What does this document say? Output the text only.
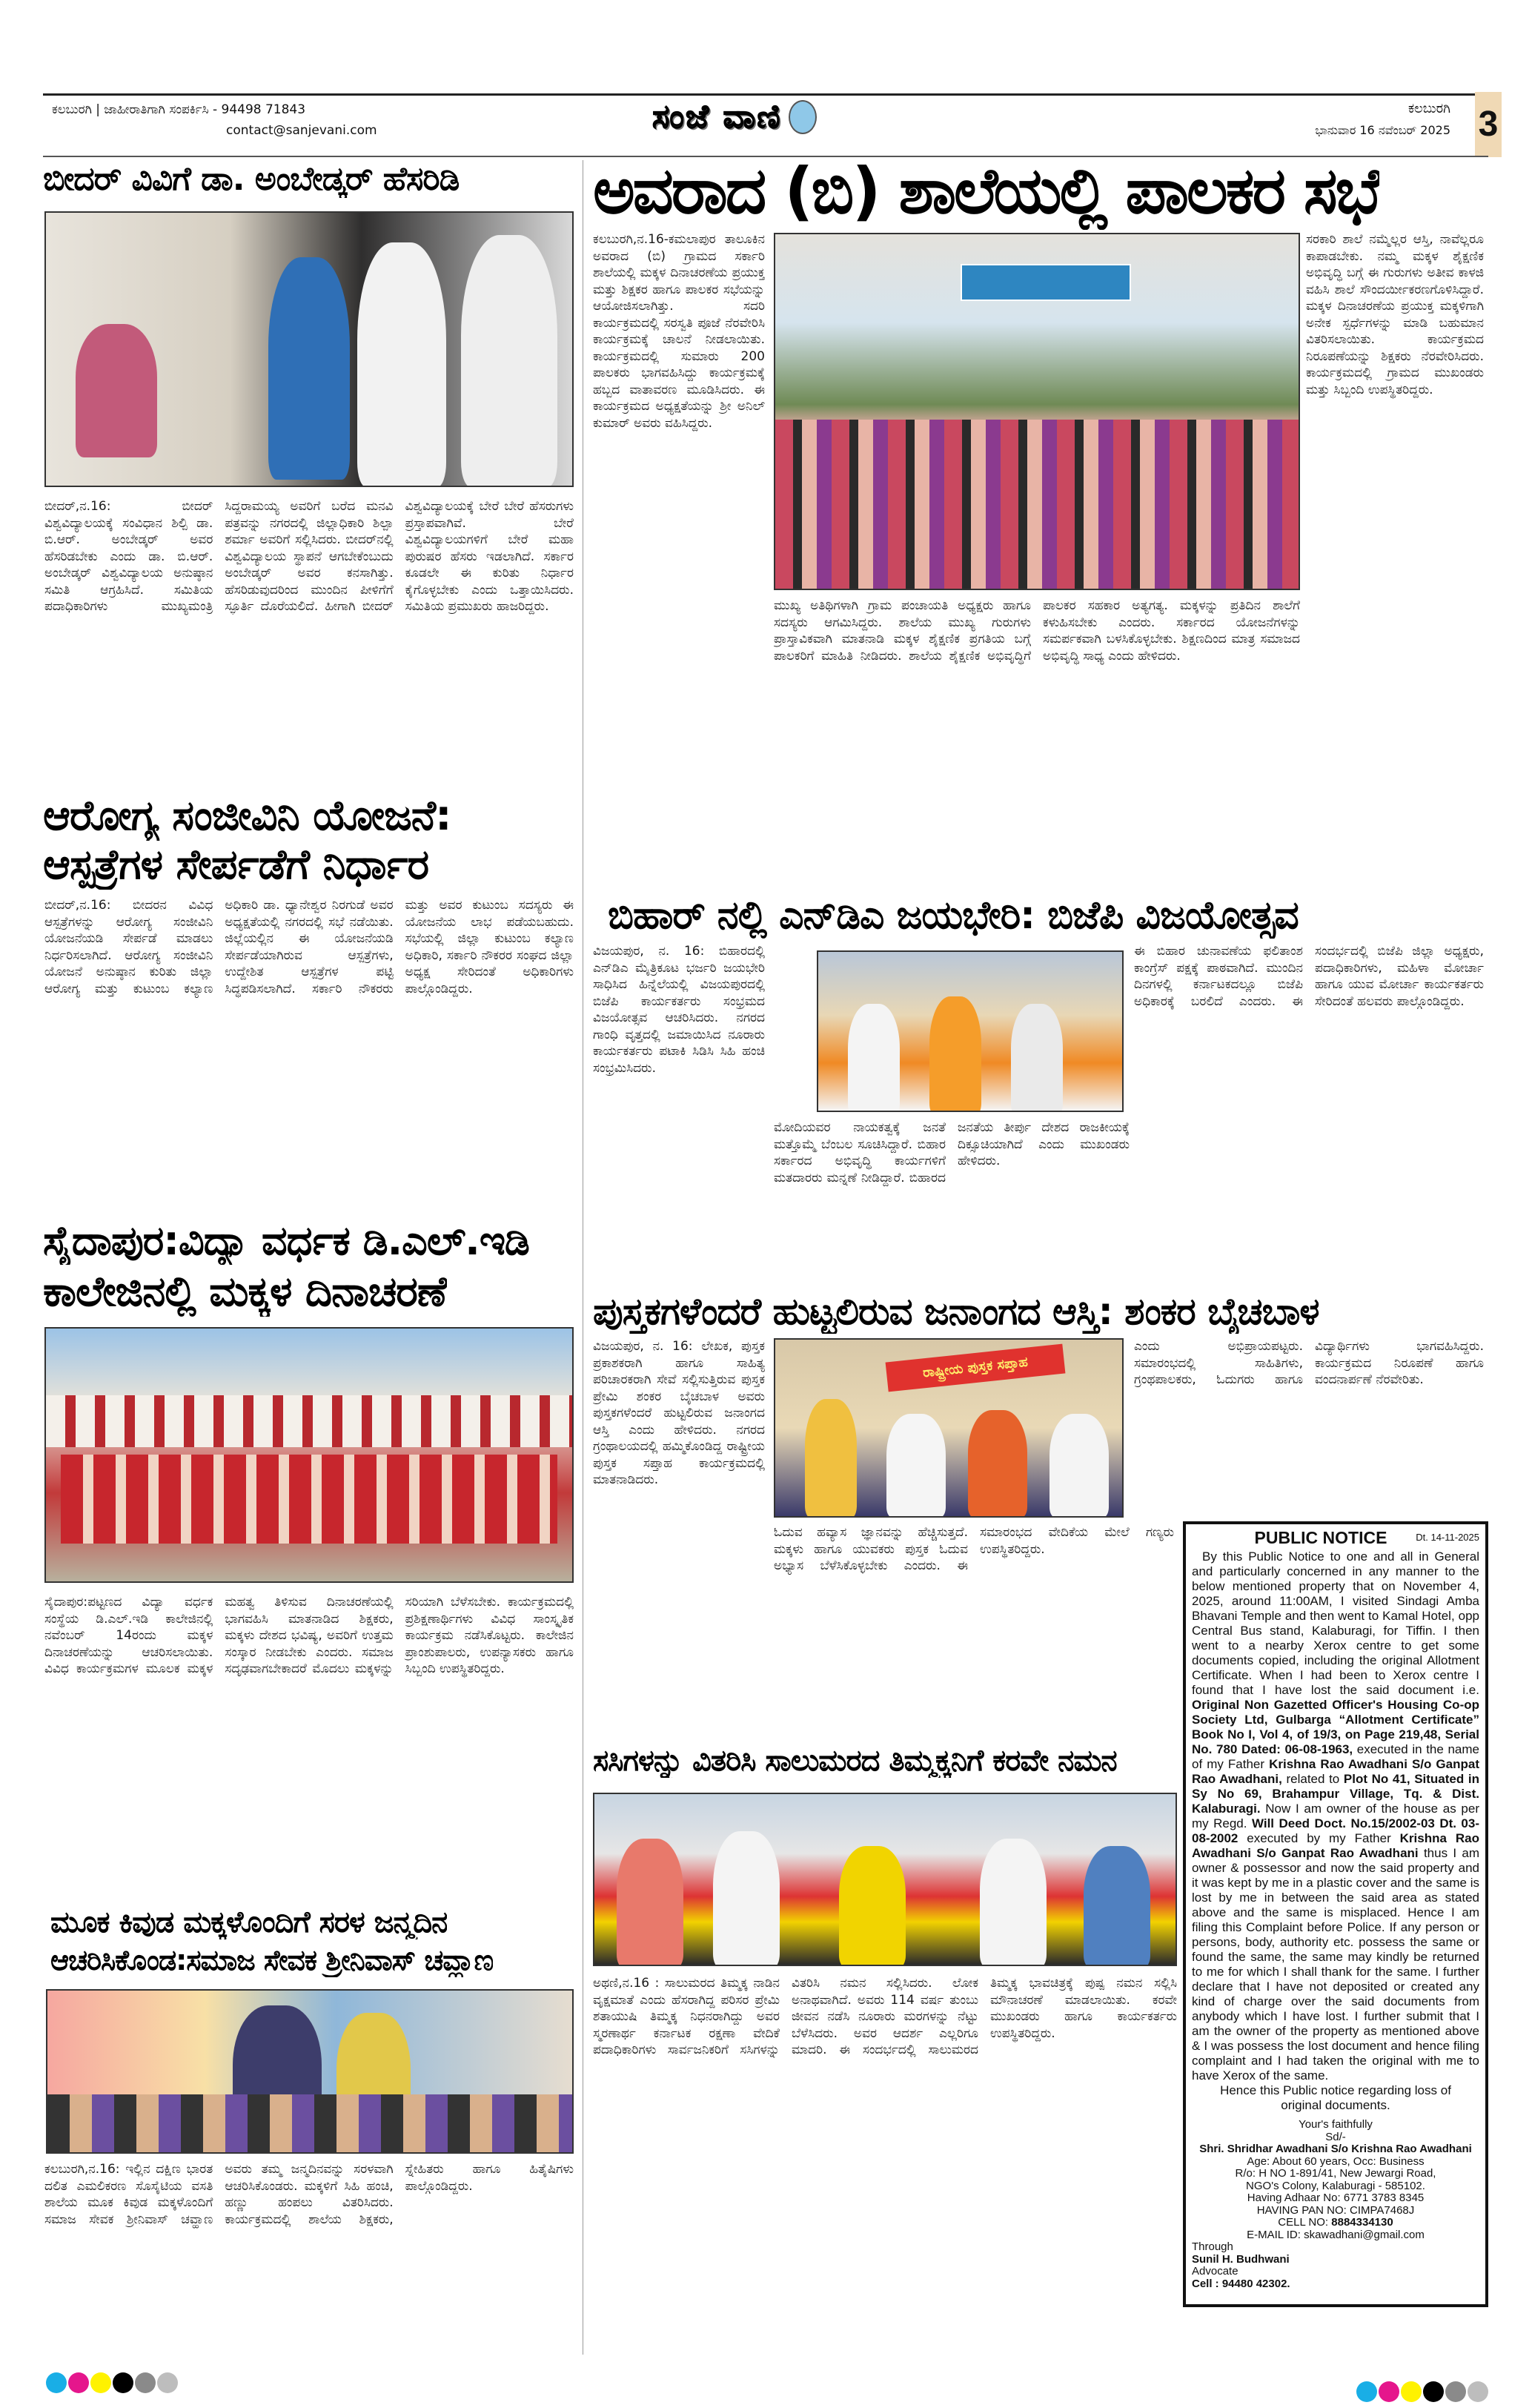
ಕಲಬುರಗಿ | ಜಾಹೀರಾತಿಗಾಗಿ ಸಂಪರ್ಕಿಸಿ - 94498 71843
contact@sanjevani.com	ಸಂಜೆ ವಾಣಿ	ಕಲಬುರಗಿ
ಭಾನುವಾರ 16 ನವೆಂಬರ್ 2025 3
ಬೀದರ್ ವಿವಿಗೆ ಡಾ. ಅಂಬೇಡ್ಕರ್ ಹೆಸರಿಡಿ
ಬೀದರ್,ನ.16: ಬೀದರ್ ವಿಶ್ವವಿದ್ಯಾಲಯಕ್ಕೆ ಸಂವಿಧಾನ ಶಿಲ್ಪಿ ಡಾ. ಬಿ.ಆರ್. ಅಂಬೇಡ್ಕರ್ ಅವರ ಹೆಸರಿಡಬೇಕು ಎಂದು ಡಾ. ಬಿ.ಆರ್. ಅಂಬೇಡ್ಕರ್ ವಿಶ್ವವಿದ್ಯಾಲಯ ಅನುಷ್ಠಾನ ಸಮಿತಿ ಆಗ್ರಹಿಸಿದೆ. ಸಮಿತಿಯ ಪದಾಧಿಕಾರಿಗಳು ಮುಖ್ಯಮಂತ್ರಿ ಸಿದ್ದರಾಮಯ್ಯ ಅವರಿಗೆ ಬರೆದ ಮನವಿ ಪತ್ರವನ್ನು ನಗರದಲ್ಲಿ ಜಿಲ್ಲಾಧಿಕಾರಿ ಶಿಲ್ಪಾ ಶರ್ಮಾ ಅವರಿಗೆ ಸಲ್ಲಿಸಿದರು. ಬೀದರ್‌ನಲ್ಲಿ ವಿಶ್ವವಿದ್ಯಾಲಯ ಸ್ಥಾಪನೆ ಆಗಬೇಕೆಂಬುದು ಅಂಬೇಡ್ಕರ್ ಅವರ ಕನಸಾಗಿತ್ತು. ಹೆಸರಿಡುವುದರಿಂದ ಮುಂದಿನ ಪೀಳಿಗೆಗೆ ಸ್ಫೂರ್ತಿ ದೊರೆಯಲಿದೆ. ಹೀಗಾಗಿ ಬೀದರ್ ವಿಶ್ವವಿದ್ಯಾಲಯಕ್ಕೆ ಬೇರೆ ಬೇರೆ ಹೆಸರುಗಳು ಪ್ರಸ್ತಾಪವಾಗಿವೆ. ಬೇರೆ ವಿಶ್ವವಿದ್ಯಾಲಯಗಳಿಗೆ ಬೇರೆ ಮಹಾ ಪುರುಷರ ಹೆಸರು ಇಡಲಾಗಿದೆ. ಸರ್ಕಾರ ಕೂಡಲೇ ಈ ಕುರಿತು ನಿರ್ಧಾರ ಕೈಗೊಳ್ಳಬೇಕು ಎಂದು ಒತ್ತಾಯಿಸಿದರು. ಸಮಿತಿಯ ಪ್ರಮುಖರು ಹಾಜರಿದ್ದರು.
ಆರೋಗ್ಯ ಸಂಜೀವಿನಿ ಯೋಜನೆ:
ಆಸ್ಪತ್ರೆಗಳ ಸೇರ್ಪಡೆಗೆ ನಿರ್ಧಾರ
ಬೀದರ್,ನ.16: ಬೀದರನ ವಿವಿಧ ಆಸ್ಪತ್ರೆಗಳನ್ನು ಆರೋಗ್ಯ ಸಂಜೀವಿನಿ ಯೋಜನೆಯಡಿ ಸೇರ್ಪಡೆ ಮಾಡಲು ನಿರ್ಧರಿಸಲಾಗಿದೆ. ಆರೋಗ್ಯ ಸಂಜೀವಿನಿ ಯೋಜನೆ ಅನುಷ್ಠಾನ ಕುರಿತು ಜಿಲ್ಲಾ ಆರೋಗ್ಯ ಮತ್ತು ಕುಟುಂಬ ಕಲ್ಯಾಣ ಅಧಿಕಾರಿ ಡಾ. ಧ್ಯಾನೇಶ್ವರ ನಿರಗುಡೆ ಅವರ ಅಧ್ಯಕ್ಷತೆಯಲ್ಲಿ ನಗರದಲ್ಲಿ ಸಭೆ ನಡೆಯಿತು. ಜಿಲ್ಲೆಯಲ್ಲಿನ ಈ ಯೋಜನೆಯಡಿ ಸೇರ್ಪಡೆಯಾಗಿರುವ ಆಸ್ಪತ್ರೆಗಳು, ಉದ್ದೇಶಿತ ಆಸ್ಪತ್ರೆಗಳ ಪಟ್ಟಿ ಸಿದ್ಧಪಡಿಸಲಾಗಿದೆ. ಸರ್ಕಾರಿ ನೌಕರರು ಮತ್ತು ಅವರ ಕುಟುಂಬ ಸದಸ್ಯರು ಈ ಯೋಜನೆಯ ಲಾಭ ಪಡೆಯಬಹುದು. ಸಭೆಯಲ್ಲಿ ಜಿಲ್ಲಾ ಕುಟುಂಬ ಕಲ್ಯಾಣ ಅಧಿಕಾರಿ, ಸರ್ಕಾರಿ ನೌಕರರ ಸಂಘದ ಜಿಲ್ಲಾ ಅಧ್ಯಕ್ಷ ಸೇರಿದಂತೆ ಅಧಿಕಾರಿಗಳು ಪಾಲ್ಗೊಂಡಿದ್ದರು.
ಸೈದಾಪುರ:ವಿದ್ಯಾ ವರ್ಧಕ ಡಿ.ಎಲ್.ಇಡಿ
ಕಾಲೇಜಿನಲ್ಲಿ ಮಕ್ಕಳ ದಿನಾಚರಣೆ
ಸೈದಾಪುರ:ಪಟ್ಟಣದ ವಿದ್ಯಾ ವರ್ಧಕ ಸಂಸ್ಥೆಯ ಡಿ.ಎಲ್.ಇಡಿ ಕಾಲೇಜಿನಲ್ಲಿ ನವೆಂಬರ್ 14ರಂದು ಮಕ್ಕಳ ದಿನಾಚರಣೆಯನ್ನು ಆಚರಿಸಲಾಯಿತು. ವಿವಿಧ ಕಾರ್ಯಕ್ರಮಗಳ ಮೂಲಕ ಮಕ್ಕಳ ಮಹತ್ವ ತಿಳಿಸುವ ದಿನಾಚರಣೆಯಲ್ಲಿ ಭಾಗವಹಿಸಿ ಮಾತನಾಡಿದ ಶಿಕ್ಷಕರು, ಮಕ್ಕಳು ದೇಶದ ಭವಿಷ್ಯ, ಅವರಿಗೆ ಉತ್ತಮ ಸಂಸ್ಕಾರ ನೀಡಬೇಕು ಎಂದರು. ಸಮಾಜ ಸದೃಢವಾಗಬೇಕಾದರೆ ಮೊದಲು ಮಕ್ಕಳನ್ನು ಸರಿಯಾಗಿ ಬೆಳೆಸಬೇಕು. ಕಾರ್ಯಕ್ರಮದಲ್ಲಿ ಪ್ರಶಿಕ್ಷಣಾರ್ಥಿಗಳು ವಿವಿಧ ಸಾಂಸ್ಕೃತಿಕ ಕಾರ್ಯಕ್ರಮ ನಡೆಸಿಕೊಟ್ಟರು. ಕಾಲೇಜಿನ ಪ್ರಾಂಶುಪಾಲರು, ಉಪನ್ಯಾಸಕರು ಹಾಗೂ ಸಿಬ್ಬಂದಿ ಉಪಸ್ಥಿತರಿದ್ದರು.
ಮೂಕ ಕಿವುಡ ಮಕ್ಕಳೊಂದಿಗೆ ಸರಳ ಜನ್ಮದಿನ
ಆಚರಿಸಿಕೊಂಡ:ಸಮಾಜ ಸೇವಕ ಶ್ರೀನಿವಾಸ್ ಚವ್ಹಾಣ
ಕಲಬುರಗಿ,ನ.16: ಇಲ್ಲಿನ ದಕ್ಷಿಣ ಭಾರತ ದಲಿತ ಎಮಲಿಕರಣ ಸೊಸೈಟಿಯ ವಸತಿ ಶಾಲೆಯ ಮೂಕ ಕಿವುಡ ಮಕ್ಕಳೊಂದಿಗೆ ಸಮಾಜ ಸೇವಕ ಶ್ರೀನಿವಾಸ್ ಚವ್ಹಾಣ ಅವರು ತಮ್ಮ ಜನ್ಮದಿನವನ್ನು ಸರಳವಾಗಿ ಆಚರಿಸಿಕೊಂಡರು. ಮಕ್ಕಳಿಗೆ ಸಿಹಿ ಹಂಚಿ, ಹಣ್ಣು ಹಂಪಲು ವಿತರಿಸಿದರು. ಕಾರ್ಯಕ್ರಮದಲ್ಲಿ ಶಾಲೆಯ ಶಿಕ್ಷಕರು, ಸ್ನೇಹಿತರು ಹಾಗೂ ಹಿತೈಷಿಗಳು ಪಾಲ್ಗೊಂಡಿದ್ದರು.
ಅವರಾದ (ಬಿ) ಶಾಲೆಯಲ್ಲಿ ಪಾಲಕರ ಸಭೆ
ಕಲಬುರಗಿ,ನ.16-ಕಮಲಾಪುರ ತಾಲೂಕಿನ ಅವರಾದ (ಬಿ) ಗ್ರಾಮದ ಸರ್ಕಾರಿ ಶಾಲೆಯಲ್ಲಿ ಮಕ್ಕಳ ದಿನಾಚರಣೆಯ ಪ್ರಯುಕ್ತ ಮತ್ತು ಶಿಕ್ಷಕರ ಹಾಗೂ ಪಾಲಕರ ಸಭೆಯನ್ನು ಆಯೋಜಿಸಲಾಗಿತ್ತು. ಸದರಿ ಕಾರ್ಯಕ್ರಮದಲ್ಲಿ ಸರಸ್ವತಿ ಪೂಜೆ ನೆರವೇರಿಸಿ ಕಾರ್ಯಕ್ರಮಕ್ಕೆ ಚಾಲನೆ ನೀಡಲಾಯಿತು. ಕಾರ್ಯಕ್ರಮದಲ್ಲಿ ಸುಮಾರು 200 ಪಾಲಕರು ಭಾಗವಹಿಸಿದ್ದು ಕಾರ್ಯಕ್ರಮಕ್ಕೆ ಹಬ್ಬದ ವಾತಾವರಣ ಮೂಡಿಸಿದರು. ಈ ಕಾರ್ಯಕ್ರಮದ ಅಧ್ಯಕ್ಷತೆಯನ್ನು ಶ್ರೀ ಅನಿಲ್ ಕುಮಾರ್ ಅವರು ವಹಿಸಿದ್ದರು.
ಮುಖ್ಯ ಅತಿಥಿಗಳಾಗಿ ಗ್ರಾಮ ಪಂಚಾಯತಿ ಅಧ್ಯಕ್ಷರು ಹಾಗೂ ಸದಸ್ಯರು ಆಗಮಿಸಿದ್ದರು. ಶಾಲೆಯ ಮುಖ್ಯ ಗುರುಗಳು ಪ್ರಾಸ್ತಾವಿಕವಾಗಿ ಮಾತನಾಡಿ ಮಕ್ಕಳ ಶೈಕ್ಷಣಿಕ ಪ್ರಗತಿಯ ಬಗ್ಗೆ ಪಾಲಕರಿಗೆ ಮಾಹಿತಿ ನೀಡಿದರು. ಶಾಲೆಯ ಶೈಕ್ಷಣಿಕ ಅಭಿವೃದ್ಧಿಗೆ ಪಾಲಕರ ಸಹಕಾರ ಅತ್ಯಗತ್ಯ. ಮಕ್ಕಳನ್ನು ಪ್ರತಿದಿನ ಶಾಲೆಗೆ ಕಳುಹಿಸಬೇಕು ಎಂದರು. ಸರ್ಕಾರದ ಯೋಜನೆಗಳನ್ನು ಸಮರ್ಪಕವಾಗಿ ಬಳಸಿಕೊಳ್ಳಬೇಕು. ಶಿಕ್ಷಣದಿಂದ ಮಾತ್ರ ಸಮಾಜದ ಅಭಿವೃದ್ಧಿ ಸಾಧ್ಯ ಎಂದು ಹೇಳಿದರು.
ಸರಕಾರಿ ಶಾಲೆ ನಮ್ಮೆಲ್ಲರ ಆಸ್ತಿ, ನಾವೆಲ್ಲರೂ ಕಾಪಾಡಬೇಕು. ನಮ್ಮ ಮಕ್ಕಳ ಶೈಕ್ಷಣಿಕ ಅಭಿವೃದ್ಧಿ ಬಗ್ಗೆ ಈ ಗುರುಗಳು ಅತೀವ ಕಾಳಜಿ ವಹಿಸಿ ಶಾಲೆ ಸೌಂದರ್ಯೀಕರಣಗೊಳಿಸಿದ್ದಾರೆ. ಮಕ್ಕಳ ದಿನಾಚರಣೆಯ ಪ್ರಯುಕ್ತ ಮಕ್ಕಳಿಗಾಗಿ ಅನೇಕ ಸ್ಪರ್ಧೆಗಳನ್ನು ಮಾಡಿ ಬಹುಮಾನ ವಿತರಿಸಲಾಯಿತು. ಕಾರ್ಯಕ್ರಮದ ನಿರೂಪಣೆಯನ್ನು ಶಿಕ್ಷಕರು ನೆರವೇರಿಸಿದರು. ಕಾರ್ಯಕ್ರಮದಲ್ಲಿ ಗ್ರಾಮದ ಮುಖಂಡರು ಮತ್ತು ಸಿಬ್ಬಂದಿ ಉಪಸ್ಥಿತರಿದ್ದರು.
ಬಿಹಾರ್ ನಲ್ಲಿ ಎನ್‌ಡಿಎ ಜಯಭೇರಿ: ಬಿಜೆಪಿ ವಿಜಯೋತ್ಸವ
ವಿಜಯಪುರ, ನ. 16: ಬಿಹಾರದಲ್ಲಿ ಎನ್‌ಡಿಎ ಮೈತ್ರಿಕೂಟ ಭರ್ಜರಿ ಜಯಭೇರಿ ಸಾಧಿಸಿದ ಹಿನ್ನೆಲೆಯಲ್ಲಿ ವಿಜಯಪುರದಲ್ಲಿ ಬಿಜೆಪಿ ಕಾರ್ಯಕರ್ತರು ಸಂಭ್ರಮದ ವಿಜಯೋತ್ಸವ ಆಚರಿಸಿದರು. ನಗರದ ಗಾಂಧಿ ವೃತ್ತದಲ್ಲಿ ಜಮಾಯಿಸಿದ ನೂರಾರು ಕಾರ್ಯಕರ್ತರು ಪಟಾಕಿ ಸಿಡಿಸಿ ಸಿಹಿ ಹಂಚಿ ಸಂಭ್ರಮಿಸಿದರು.
ಮೋದಿಯವರ ನಾಯಕತ್ವಕ್ಕೆ ಜನತೆ ಮತ್ತೊಮ್ಮೆ ಬೆಂಬಲ ಸೂಚಿಸಿದ್ದಾರೆ. ಬಿಹಾರ ಸರ್ಕಾರದ ಅಭಿವೃದ್ಧಿ ಕಾರ್ಯಗಳಿಗೆ ಮತದಾರರು ಮನ್ನಣೆ ನೀಡಿದ್ದಾರೆ. ಬಿಹಾರದ ಜನತೆಯ ತೀರ್ಪು ದೇಶದ ರಾಜಕೀಯಕ್ಕೆ ದಿಕ್ಸೂಚಿಯಾಗಿದೆ ಎಂದು ಮುಖಂಡರು ಹೇಳಿದರು.
ಈ ಬಿಹಾರ ಚುನಾವಣೆಯ ಫಲಿತಾಂಶ ಕಾಂಗ್ರೆಸ್ ಪಕ್ಷಕ್ಕೆ ಪಾಠವಾಗಿದೆ. ಮುಂದಿನ ದಿನಗಳಲ್ಲಿ ಕರ್ನಾಟಕದಲ್ಲೂ ಬಿಜೆಪಿ ಅಧಿಕಾರಕ್ಕೆ ಬರಲಿದೆ ಎಂದರು. ಈ ಸಂದರ್ಭದಲ್ಲಿ ಬಿಜೆಪಿ ಜಿಲ್ಲಾ ಅಧ್ಯಕ್ಷರು, ಪದಾಧಿಕಾರಿಗಳು, ಮಹಿಳಾ ಮೋರ್ಚಾ ಹಾಗೂ ಯುವ ಮೋರ್ಚಾ ಕಾರ್ಯಕರ್ತರು ಸೇರಿದಂತೆ ಹಲವರು ಪಾಲ್ಗೊಂಡಿದ್ದರು.
ಪುಸ್ತಕಗಳೆಂದರೆ ಹುಟ್ಟಲಿರುವ ಜನಾಂಗದ ಆಸ್ತಿ: ಶಂಕರ ಬೈಚಬಾಳ
ವಿಜಯಪುರ, ನ. 16: ಲೇಖಕ, ಪುಸ್ತಕ ಪ್ರಕಾಶಕರಾಗಿ ಹಾಗೂ ಸಾಹಿತ್ಯ ಪರಿಚಾರಕರಾಗಿ ಸೇವೆ ಸಲ್ಲಿಸುತ್ತಿರುವ ಪುಸ್ತಕ ಪ್ರೇಮಿ ಶಂಕರ ಬೈಚಬಾಳ ಅವರು ಪುಸ್ತಕಗಳೆಂದರೆ ಹುಟ್ಟಲಿರುವ ಜನಾಂಗದ ಆಸ್ತಿ ಎಂದು ಹೇಳಿದರು. ನಗರದ ಗ್ರಂಥಾಲಯದಲ್ಲಿ ಹಮ್ಮಿಕೊಂಡಿದ್ದ ರಾಷ್ಟ್ರೀಯ ಪುಸ್ತಕ ಸಪ್ತಾಹ ಕಾರ್ಯಕ್ರಮದಲ್ಲಿ ಮಾತನಾಡಿದರು.
ರಾಷ್ಟ್ರೀಯ ಪುಸ್ತಕ ಸಪ್ತಾಹ
ಓದುವ ಹವ್ಯಾಸ ಜ್ಞಾನವನ್ನು ಹೆಚ್ಚಿಸುತ್ತದೆ. ಮಕ್ಕಳು ಹಾಗೂ ಯುವಕರು ಪುಸ್ತಕ ಓದುವ ಅಭ್ಯಾಸ ಬೆಳೆಸಿಕೊಳ್ಳಬೇಕು ಎಂದರು. ಈ ಸಮಾರಂಭದ ವೇದಿಕೆಯ ಮೇಲೆ ಗಣ್ಯರು ಉಪಸ್ಥಿತರಿದ್ದರು.
ಎಂದು ಅಭಿಪ್ರಾಯಪಟ್ಟರು. ಸಮಾರಂಭದಲ್ಲಿ ಸಾಹಿತಿಗಳು, ಗ್ರಂಥಪಾಲಕರು, ಓದುಗರು ಹಾಗೂ ವಿದ್ಯಾರ್ಥಿಗಳು ಭಾಗವಹಿಸಿದ್ದರು. ಕಾರ್ಯಕ್ರಮದ ನಿರೂಪಣೆ ಹಾಗೂ ವಂದನಾರ್ಪಣೆ ನೆರವೇರಿತು.
ಸಸಿಗಳನ್ನು ವಿತರಿಸಿ ಸಾಲುಮರದ ತಿಮ್ಮಕ್ಕನಿಗೆ ಕರವೇ ನಮನ
ಅಥಣಿ,ನ.16 : ಸಾಲುಮರದ ತಿಮ್ಮಕ್ಕ ನಾಡಿನ ವೃಕ್ಷಮಾತೆ ಎಂದು ಹೆಸರಾಗಿದ್ದ ಪರಿಸರ ಪ್ರೇಮಿ ಶತಾಯುಷಿ ತಿಮ್ಮಕ್ಕ ನಿಧನರಾಗಿದ್ದು ಅವರ ಸ್ಮರಣಾರ್ಥ ಕರ್ನಾಟಕ ರಕ್ಷಣಾ ವೇದಿಕೆ ಪದಾಧಿಕಾರಿಗಳು ಸಾರ್ವಜನಿಕರಿಗೆ ಸಸಿಗಳನ್ನು ವಿತರಿಸಿ ನಮನ ಸಲ್ಲಿಸಿದರು. ಲೋಕ ಅನಾಥವಾಗಿದೆ. ಅವರು 114 ವರ್ಷ ತುಂಬು ಜೀವನ ನಡೆಸಿ ನೂರಾರು ಮರಗಳನ್ನು ನೆಟ್ಟು ಬೆಳೆಸಿದರು. ಅವರ ಆದರ್ಶ ಎಲ್ಲರಿಗೂ ಮಾದರಿ. ಈ ಸಂದರ್ಭದಲ್ಲಿ ಸಾಲುಮರದ ತಿಮ್ಮಕ್ಕ ಭಾವಚಿತ್ರಕ್ಕೆ ಪುಷ್ಪ ನಮನ ಸಲ್ಲಿಸಿ ಮೌನಾಚರಣೆ ಮಾಡಲಾಯಿತು. ಕರವೇ ಮುಖಂಡರು ಹಾಗೂ ಕಾರ್ಯಕರ್ತರು ಉಪಸ್ಥಿತರಿದ್ದರು.
PUBLIC NOTICE	Dt. 14-11-2025

By this Public Notice to one and all in General and particularly concerned in any manner to the below mentioned property that on November 4, 2025, around 11:00AM, I visited Sindagi Amba Bhavani Temple and then went to Kamal Hotel, opp Central Bus stand, Kalaburagi, for Tiffin. I then went to a nearby Xerox centre to get some documents copied, including the original Allotment Certificate. When I had been to Xerox centre I found that I have lost the said document i.e. Original Non Gazetted Officer's Housing Co-op Society Ltd, Gulbarga “Allotment Certificate” Book No I, Vol 4, of 19/3, on Page 219,48, Serial No. 780 Dated: 06-08-1963, executed in the name of my Father Krishna Rao Awadhani S/o Ganpat Rao Awadhani, related to Plot No 41, Situated in Sy No 69, Brahampur Village, Tq. & Dist. Kalaburagi. Now I am owner of the house as per my Regd. Will Deed Doct. No.15/2002-03 Dt. 03-08-2002 executed by my Father Krishna Rao Awadhani S/o Ganpat Rao Awadhani thus I am owner & possessor and now the said property and it was kept by me in a plastic cover and the same is lost by me in between the said area as stated above and the same is misplaced. Hence I am filing this Complaint before Police. If any person or persons, body, authority etc. possess the same or found the same, the same may kindly be returned to me for which I shall thank for the same. I further declare that I have not deposited or created any kind of charge over the said documents from anybody which I have lost. I further submit that I am the owner of the property as mentioned above & I was possess the lost document and hence filing complaint and I had taken the original with me to have Xerox of the same.

Hence this Public notice regarding loss of
original documents.
Your's faithfully
Sd/-
Shri. Shridhar Awadhani S/o Krishna Rao Awadhani
Age: About 60 years, Occ: Business
R/o: H NO 1-891/41, New Jewargi Road,
NGO's Colony, Kalaburagi - 585102.
Having Adhaar No: 6771 3783 8345
HAVING PAN NO: CIMPA7468J
CELL NO: 8884334130
E-MAIL ID: skawadhani@gmail.com
Through
Sunil H. Budhwani
Advocate
Cell : 94480 42302.
